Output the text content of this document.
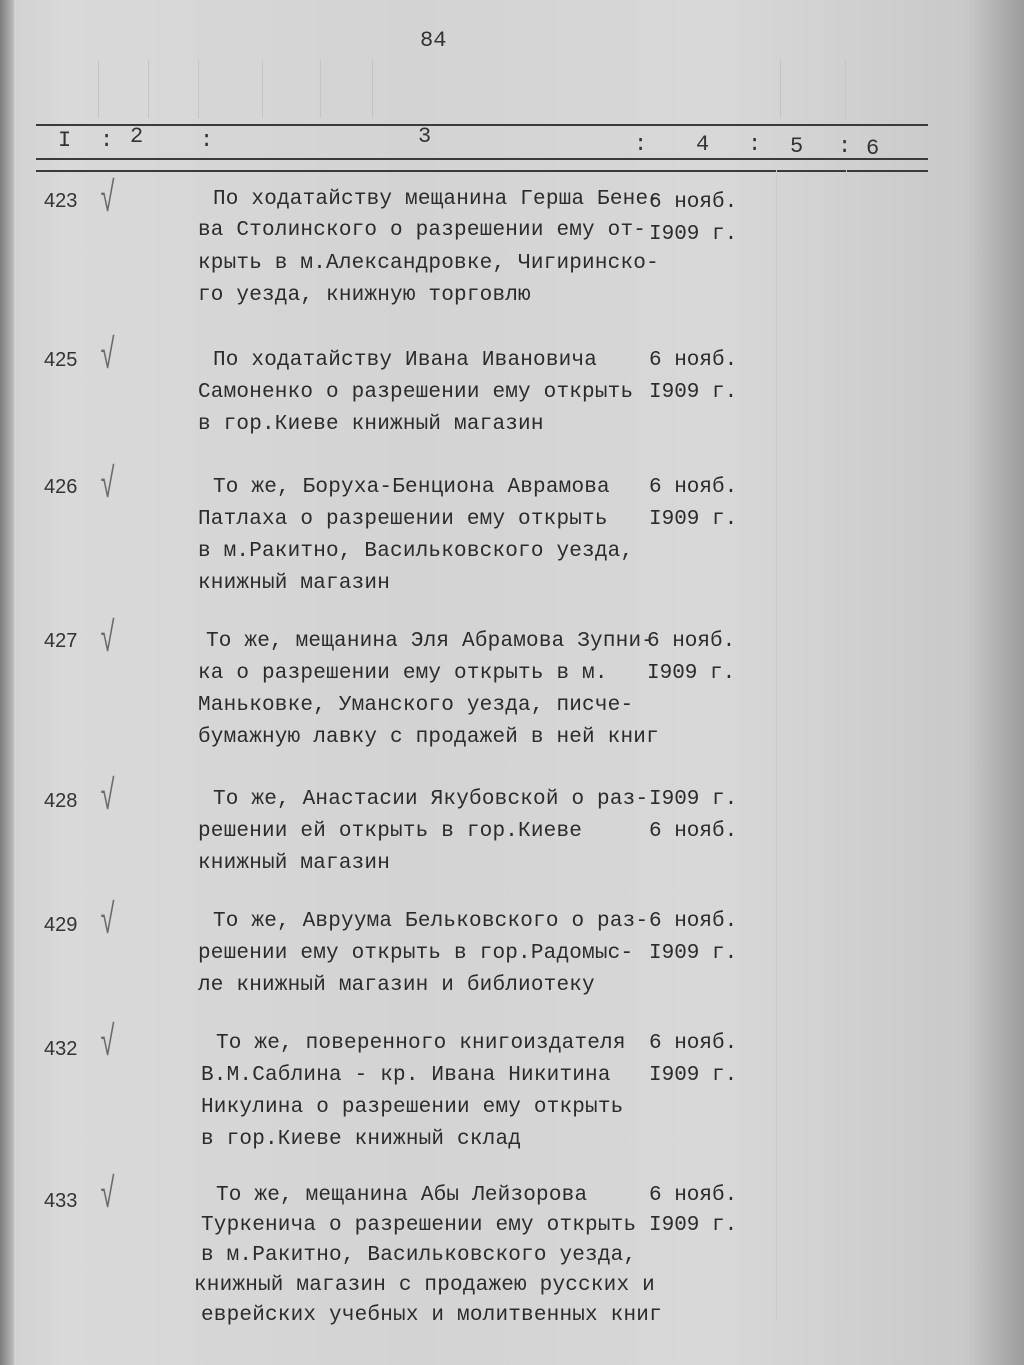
84
I : 2	:	3	: 4 : 5 : 6
423 √	По ходатайству мещанина Герша Бене-
ва Столинского о разрешении ему от-
крыть в м.Александровке, Чигиринско-
го уезда, книжную торговлю
6 нояб.
I909 г.
425 √	По ходатайству Ивана Ивановича
Самоненко о разрешении ему открыть
в гор.Киеве книжный магазин
6 нояб.
I909 г.
426 √	То же, Боруха-Бенциона Аврамова
Патлаха о разрешении ему открыть
в м.Ракитно, Васильковского уезда,
книжный магазин
6 нояб.
I909 г.
427 √	То же, мещанина Эля Абрамова Зупни-
ка о разрешении ему открыть в м.
Маньковке, Уманского уезда, писче-
бумажную лавку с продажей в ней книг
6 нояб.
I909 г.
428 √	То же, Анастасии Якубовской о раз-
решении ей открыть в гор.Киеве
книжный магазин
I909 г.
6 нояб.
429 √	То же, Авруума Бельковского о раз-
решении ему открыть в гор.Радомыс-
ле книжный магазин и библиотеку
6 нояб.
I909 г.
432 √	То же, поверенного книгоиздателя
В.М.Саблина - кр. Ивана Никитина
Никулина о разрешении ему открыть
в гор.Киеве книжный склад
6 нояб.
I909 г.
433 √	То же, мещанина Абы Лейзорова
Туркенича о разрешении ему открыть
в м.Ракитно, Васильковского уезда,
книжный магазин с продажею русских и
еврейских учебных и молитвенных книг
6 нояб.
I909 г.
